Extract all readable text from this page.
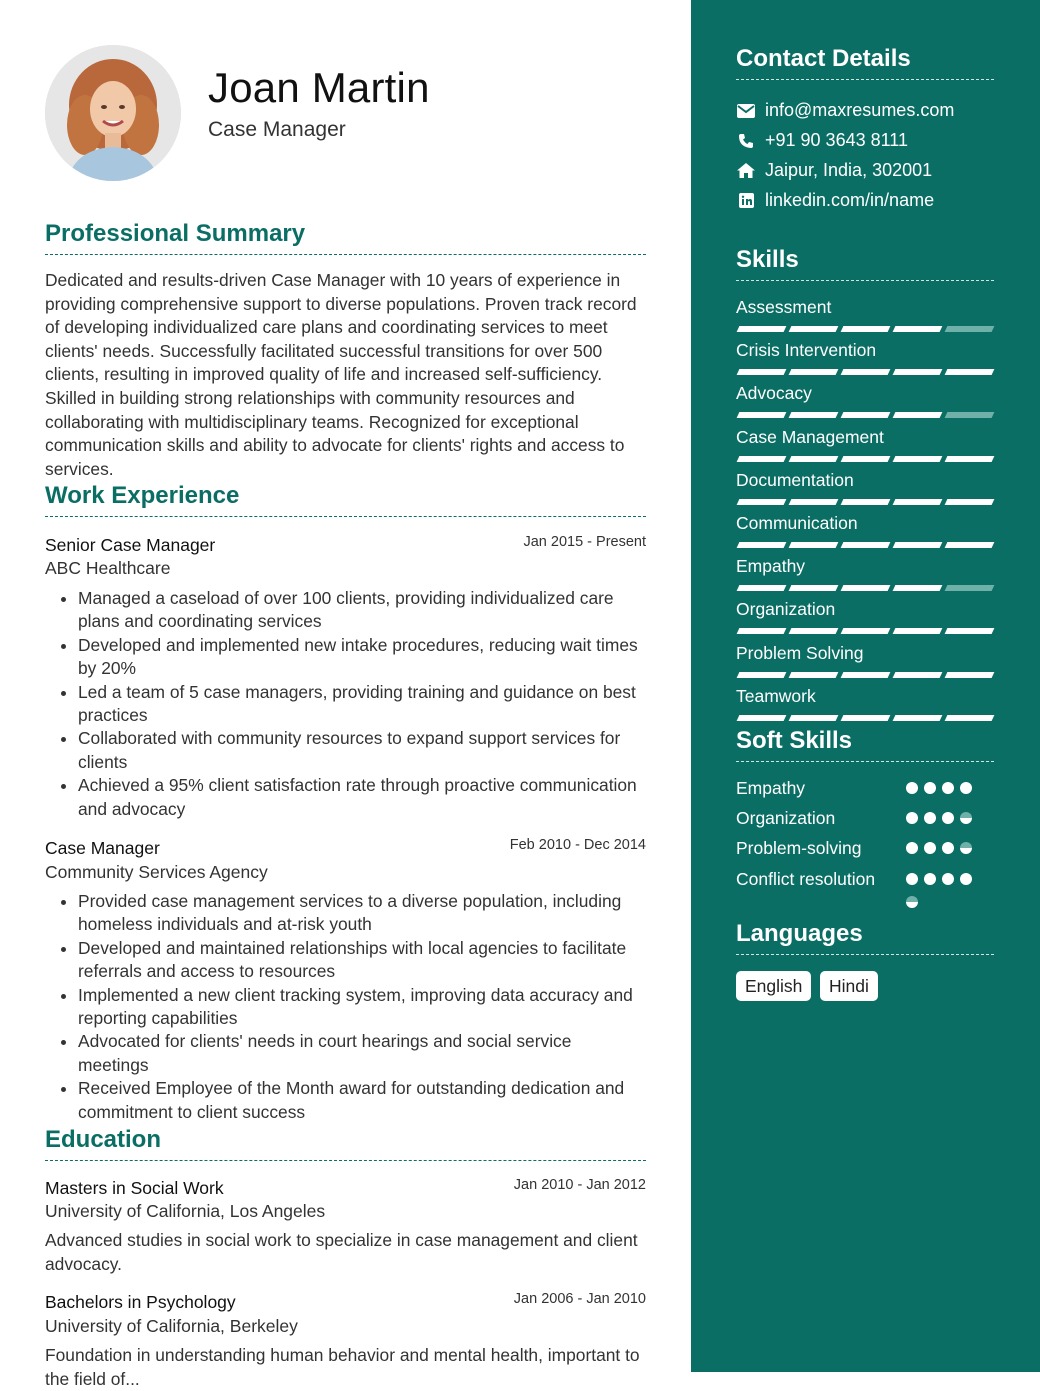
Joan Martin
Case Manager
Professional Summary
Dedicated and results-driven Case Manager with 10 years of experience in providing comprehensive support to diverse populations. Proven track record of developing individualized care plans and coordinating services to meet clients' needs. Successfully facilitated successful transitions for over 500 clients, resulting in improved quality of life and increased self-sufficiency. Skilled in building strong relationships with community resources and collaborating with multidisciplinary teams. Recognized for exceptional communication skills and ability to advocate for clients' rights and access to services.
Work Experience
Senior Case Manager	Jan 2015 - Present
ABC Healthcare
• Managed a caseload of over 100 clients, providing individualized care plans and coordinating services
• Developed and implemented new intake procedures, reducing wait times by 20%
• Led a team of 5 case managers, providing training and guidance on best practices
• Collaborated with community resources to expand support services for clients
• Achieved a 95% client satisfaction rate through proactive communication and advocacy
Case Manager	Feb 2010 - Dec 2014
Community Services Agency
• Provided case management services to a diverse population, including homeless individuals and at-risk youth
• Developed and maintained relationships with local agencies to facilitate referrals and access to resources
• Implemented a new client tracking system, improving data accuracy and reporting capabilities
• Advocated for clients' needs in court hearings and social service meetings
• Received Employee of the Month award for outstanding dedication and commitment to client success
Education
Masters in Social Work	Jan 2010 - Jan 2012
University of California, Los Angeles
Advanced studies in social work to specialize in case management and client advocacy.
Bachelors in Psychology	Jan 2006 - Jan 2010
University of California, Berkeley
Foundation in understanding human behavior and mental health, important to the field of...
Contact Details
info@maxresumes.com
+91 90 3643 8111
Jaipur, India, 302001
linkedin.com/in/name
Skills
Assessment
Crisis Intervention
Advocacy
Case Management
Documentation
Communication
Empathy
Organization
Problem Solving
Teamwork
Soft Skills
Empathy
Organization
Problem-solving
Conflict resolution
Languages
English	Hindi
